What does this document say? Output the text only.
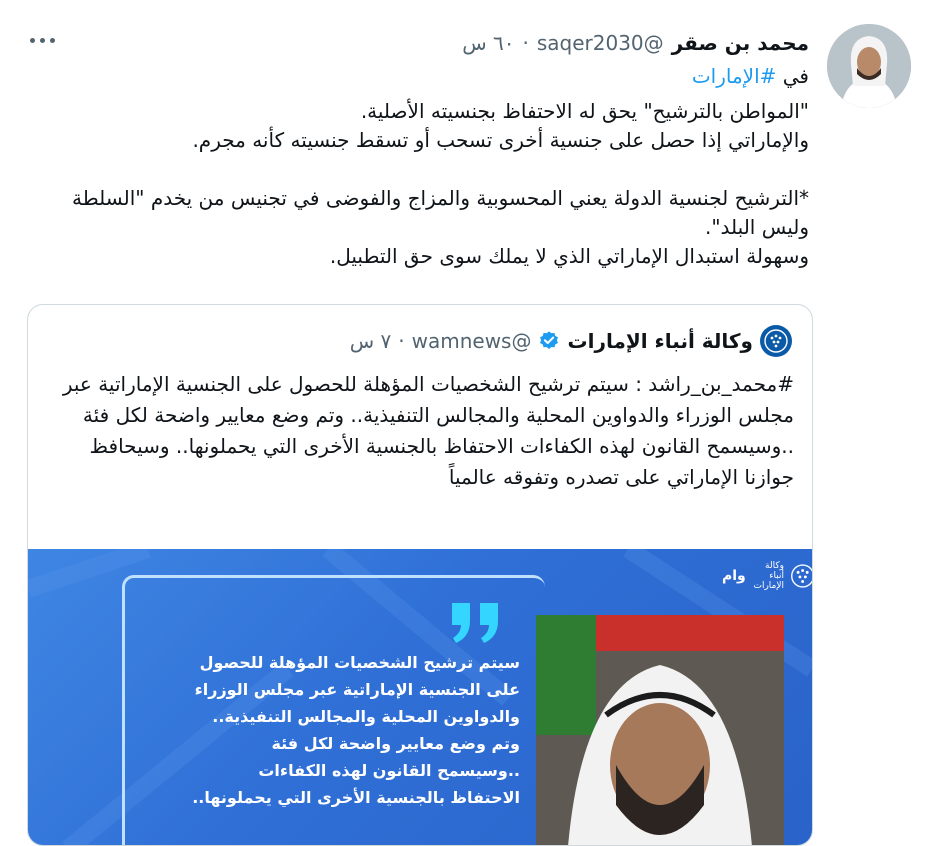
محمد بن صقر
@saqer2030
·
٦٠ س
في #الإمارات
"المواطن بالترشيح" يحق له الاحتفاظ بجنسيته الأصلية.
والإماراتي إذا حصل على جنسية أخرى تسحب أو تسقط جنسيته كأنه مجرم.

*الترشيح لجنسية الدولة يعني المحسوبية والمزاج والفوضى في تجنيس من يخدم "السلطة وليس البلد".
وسهولة استبدال الإماراتي الذي لا يملك سوى حق التطبيل.
وكالة أنباء الإمارات
@wamnews
·
٧ س
#محمد_بن_راشد : سيتم ترشيح الشخصيات المؤهلة للحصول على الجنسية الإماراتية عبر مجلس الوزراء والدواوين المحلية والمجالس التنفيذية.. وتم وضع معايير واضحة لكل فئة ..وسيسمح القانون لهذه الكفاءات الاحتفاظ بالجنسية الأخرى التي يحملونها.. وسيحافظ جوازنا الإماراتي على تصدره وتفوقه عالمياً
وكالة أنباء
الإمارات
وام
سيتم ترشيح الشخصيات المؤهلة للحصول
على الجنسية الإماراتية عبر مجلس الوزراء
والدواوين المحلية والمجالس التنفيذية..
وتم وضع معايير واضحة لكل فئة
..وسيسمح القانون لهذه الكفاءات
الاحتفاظ بالجنسية الأخرى التي يحملونها..
